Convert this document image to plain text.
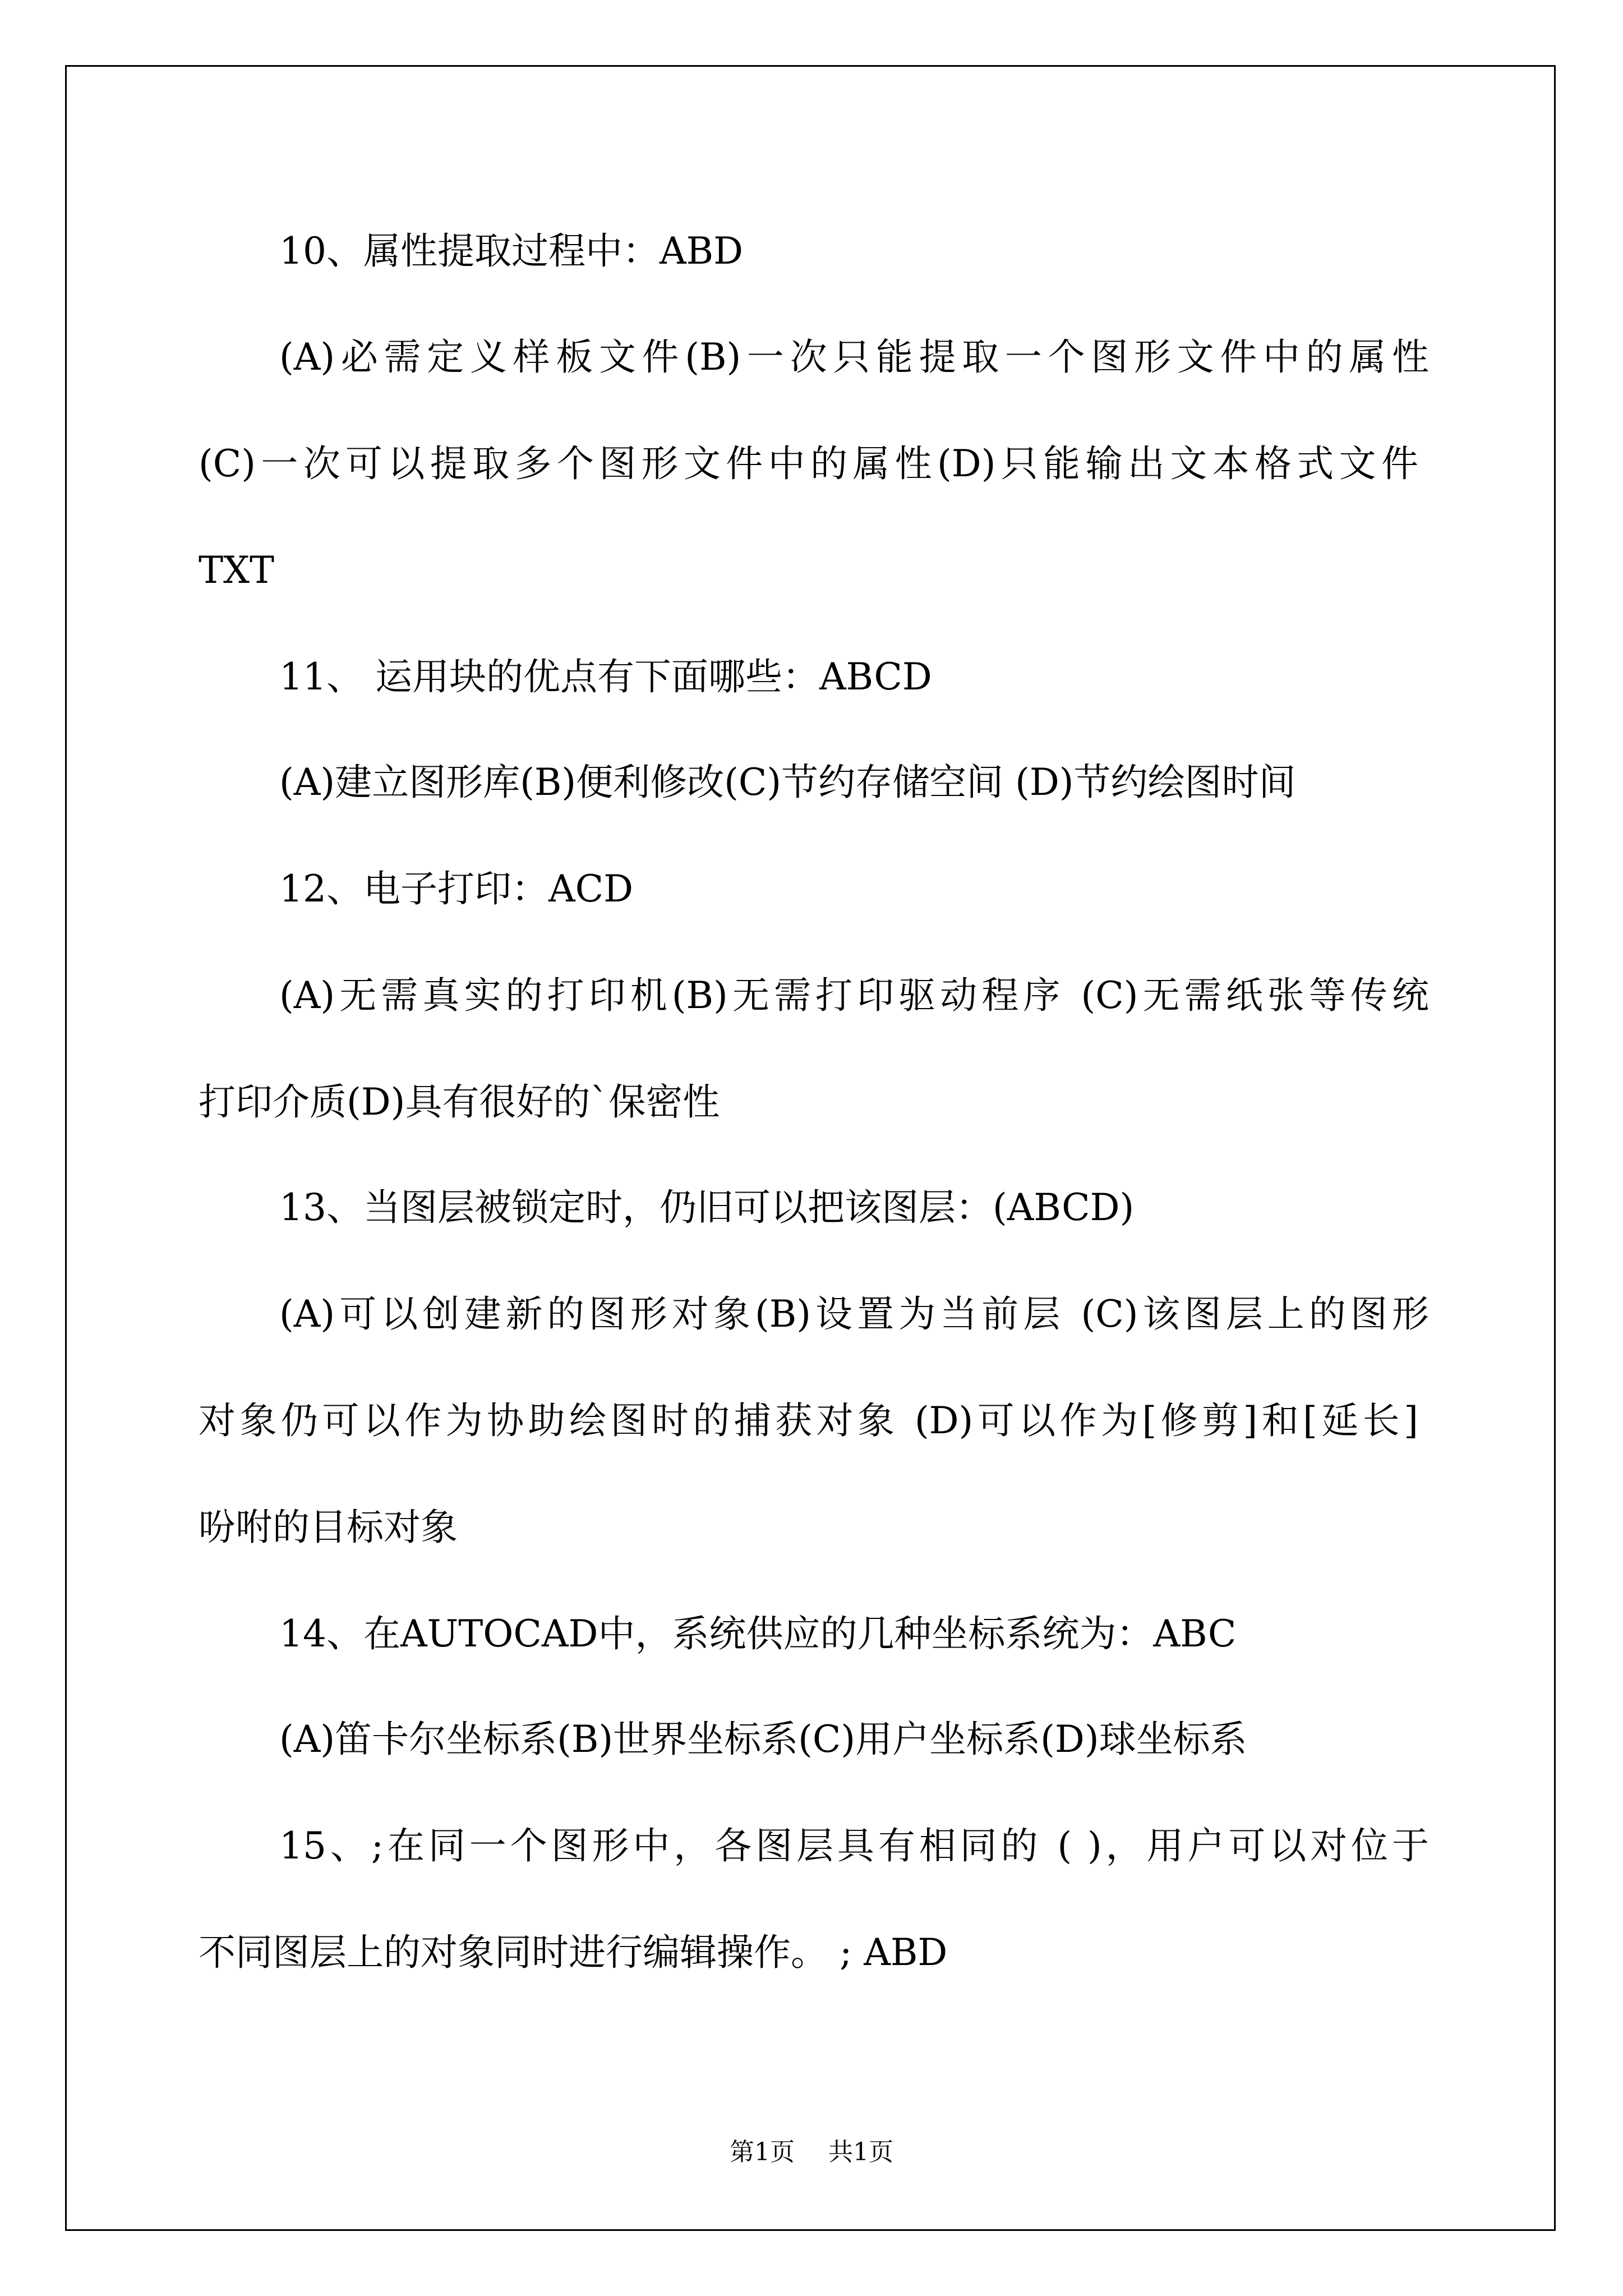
10、属性提取过程中：ABD
(A)必需定义样板文件(B)一次只能提取一个图形文件中的属性
(C)一次可以提取多个图形文件中的属性(D)只能输出文本格式文件
TXT
11、 运用块的优点有下面哪些：ABCD
(A)建立图形库(B)便利修改(C)节约存储空间 (D)节约绘图时间
12、电子打印：ACD
(A)无需真实的打印机(B)无需打印驱动程序 (C)无需纸张等传统
打印介质(D)具有很好的`保密性
13、当图层被锁定时，仍旧可以把该图层：(ABCD)
(A)可以创建新的图形对象(B)设置为当前层 (C)该图层上的图形
对象仍可以作为协助绘图时的捕获对象 (D)可以作为[修剪]和[延长]
吩咐的目标对象
14、在AUTOCAD中，系统供应的几种坐标系统为：ABC
(A)笛卡尔坐标系(B)世界坐标系(C)用户坐标系(D)球坐标系
15、;在同一个图形中，各图层具有相同的 ( )，用户可以对位于
不同图层上的对象同时进行编辑操作。 ; ABD
第1页 共1页
